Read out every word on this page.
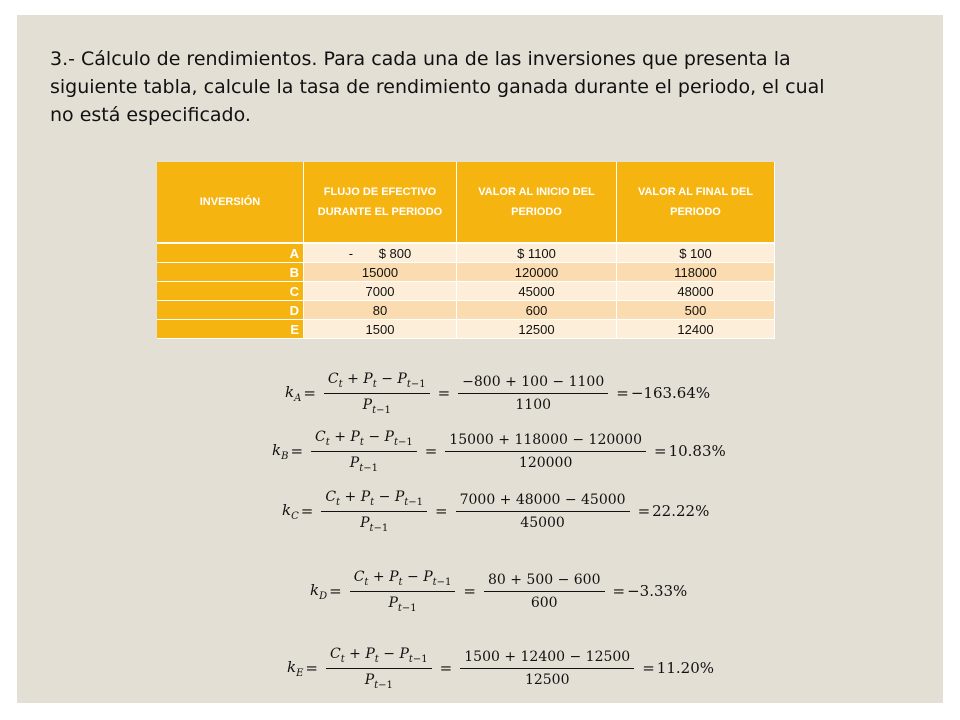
3.- Cálculo de rendimientos. Para cada una de las inversiones que presenta la siguiente tabla, calcule la tasa de rendimiento ganada durante el periodo, el cual no está especificado.
INVERSIÓN	FLUJO DE EFECTIVO DURANTE EL PERIODO	VALOR AL INICIO DEL PERIODO	VALOR AL FINAL DEL PERIODO
A	- $ 800	$ 1100	$ 100
B	15000	120000	118000
C	7000	45000	48000
D	80	600	500
E	1500	12500	12400
$k_A = \frac{C_t + P_t - P_{t-1}}{P_{t-1}} = \frac{-800 + 100 - 1100}{1100} = -163.64\%$
$k_B = \frac{C_t + P_t - P_{t-1}}{P_{t-1}} = \frac{15000 + 118000 - 120000}{120000} = 10.83\%$
$k_C = \frac{C_t + P_t - P_{t-1}}{P_{t-1}} = \frac{7000 + 48000 - 45000}{45000} = 22.22\%$
$k_D = \frac{C_t + P_t - P_{t-1}}{P_{t-1}} = \frac{80 + 500 - 600}{600} = -3.33\%$
$k_E = \frac{C_t + P_t - P_{t-1}}{P_{t-1}} = \frac{1500 + 12400 - 12500}{12500} = 11.20\%$
